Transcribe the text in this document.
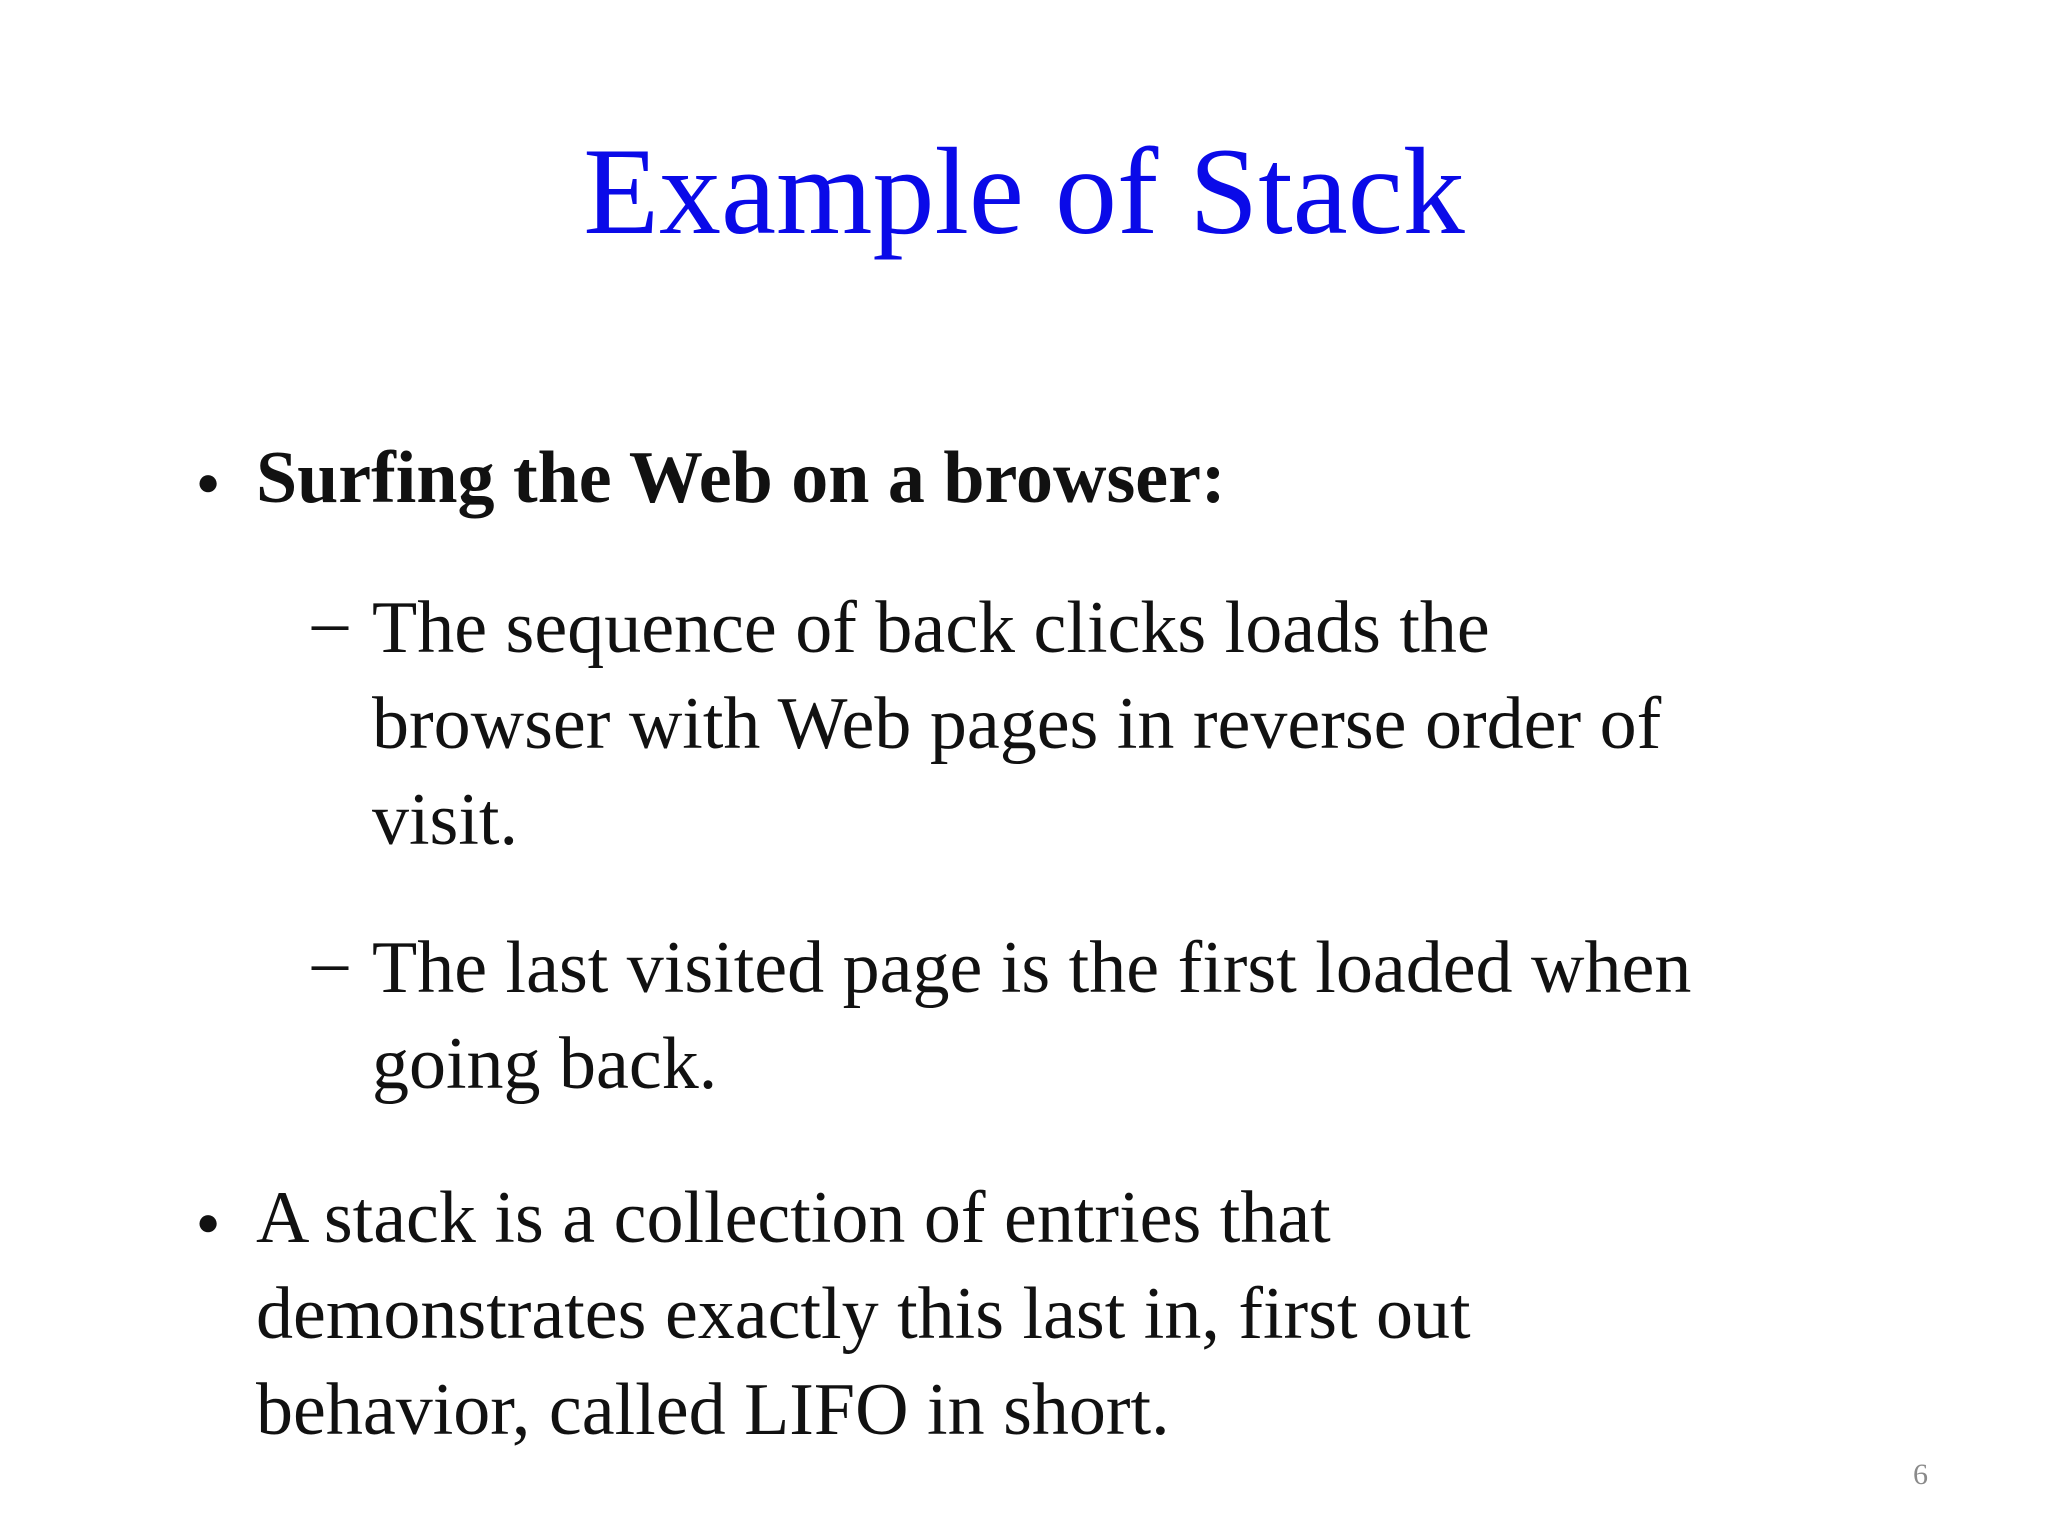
Example of Stack
● Surfing the Web on a browser:
– The sequence of back clicks loads the
browser with Web pages in reverse order of
visit.
– The last visited page is the first loaded when
going back.
● A stack is a collection of entries that
demonstrates exactly this last in, first out
behavior, called LIFO in short.
6
